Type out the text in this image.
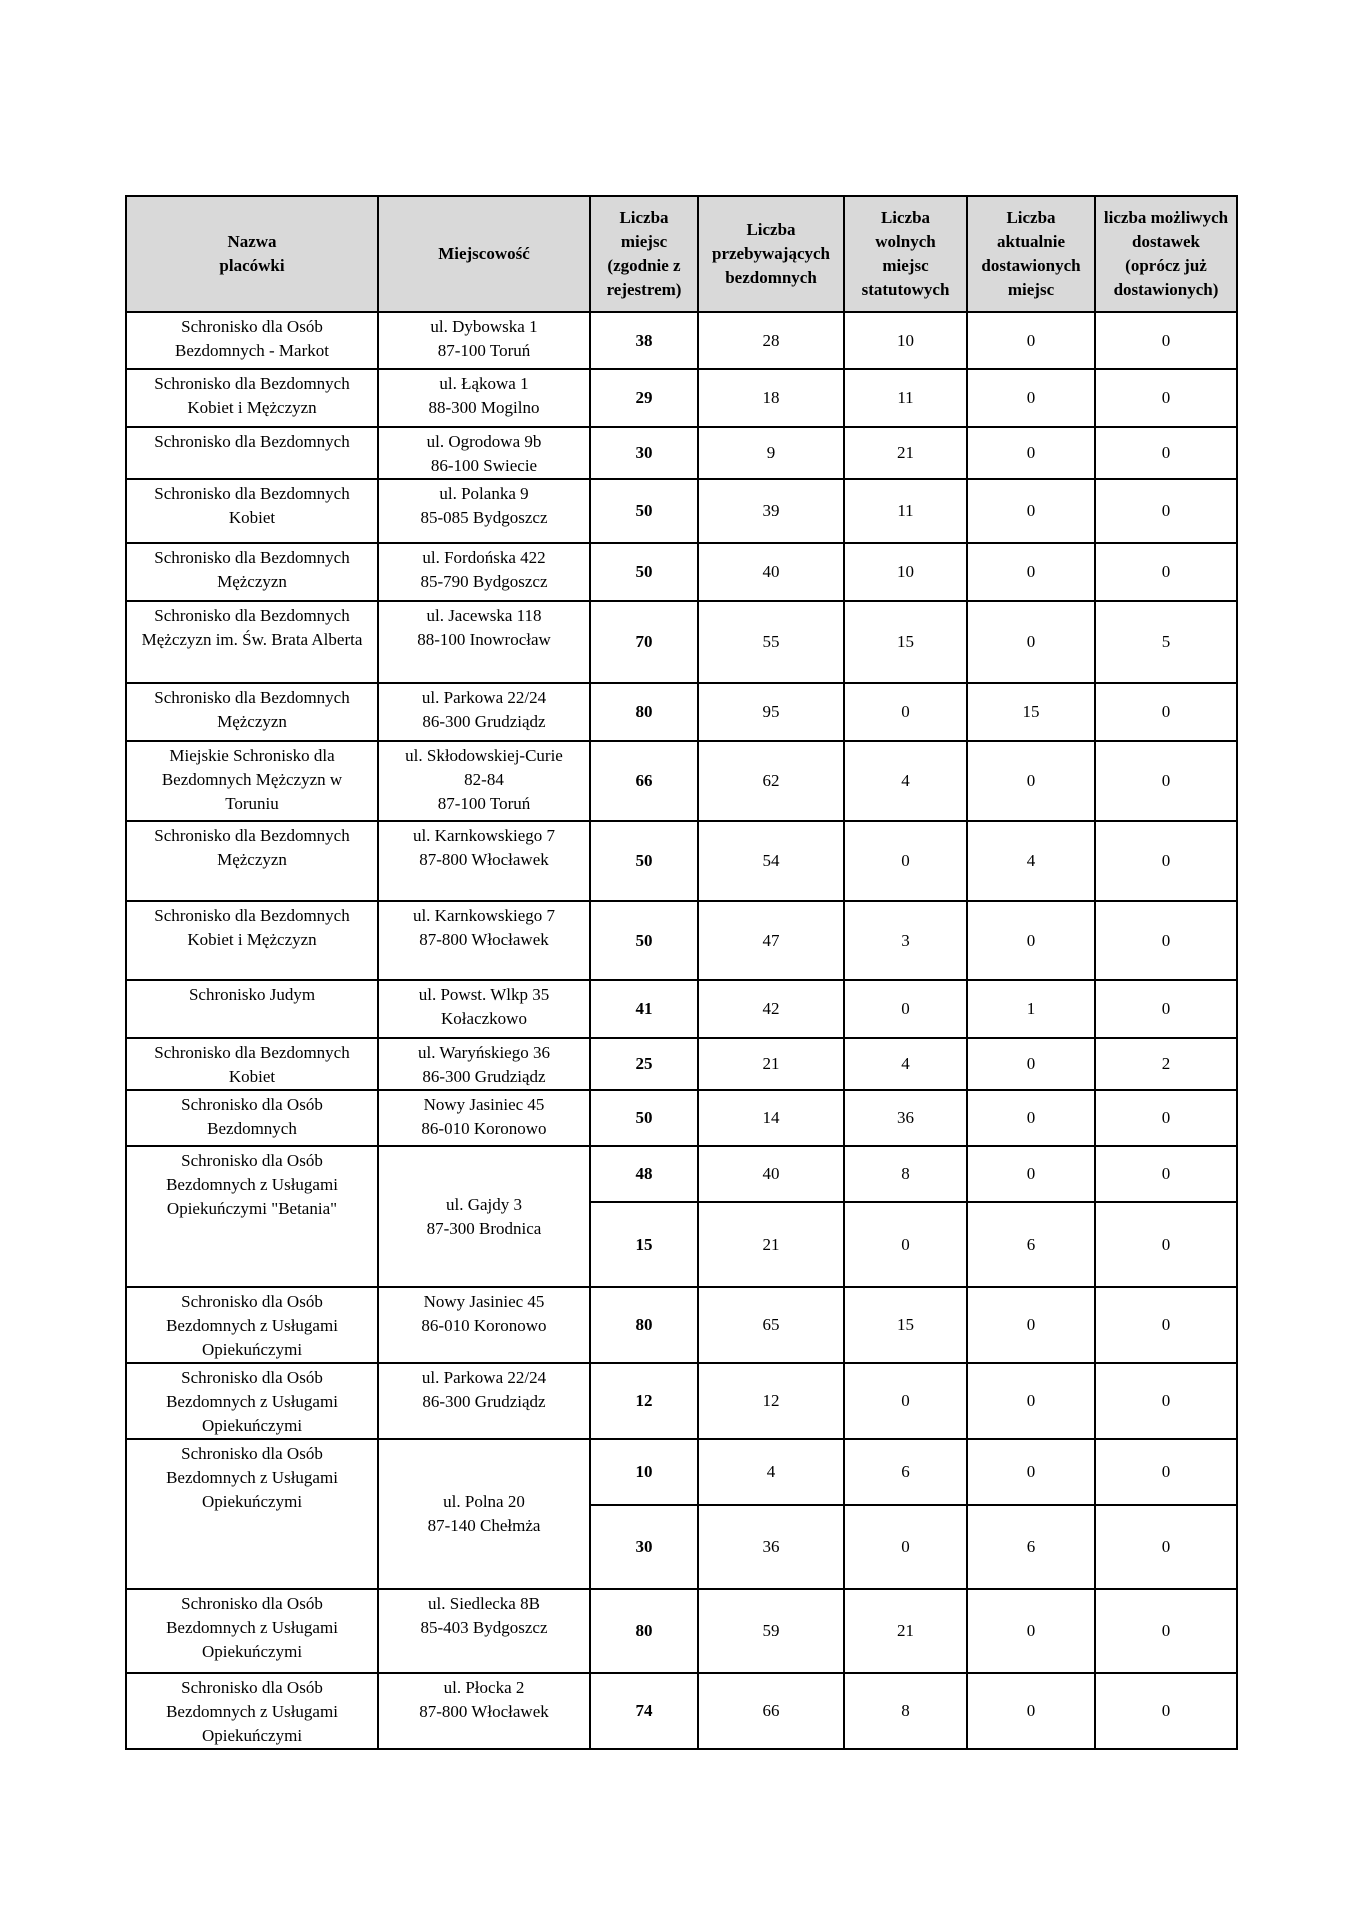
Nazwa
placówki	Miejscowość	Liczba
miejsc
(zgodnie z
rejestrem)	Liczba
przebywających
bezdomnych	Liczba
wolnych
miejsc
statutowych	Liczba
aktualnie
dostawionych
miejsc	liczba możliwych
dostawek
(oprócz już
dostawionych)
Schronisko dla Osób
Bezdomnych - Markot	ul. Dybowska 1
87-100 Toruń	38	28	10	0	0
Schronisko dla Bezdomnych
Kobiet i Mężczyzn	ul. Łąkowa 1
88-300 Mogilno	29	18	11	0	0
Schronisko dla Bezdomnych	ul. Ogrodowa 9b
86-100 Swiecie	30	9	21	0	0
Schronisko dla Bezdomnych
Kobiet	ul. Polanka 9
85-085 Bydgoszcz	50	39	11	0	0
Schronisko dla Bezdomnych
Mężczyzn	ul. Fordońska 422
85-790 Bydgoszcz	50	40	10	0	0
Schronisko dla Bezdomnych
Mężczyzn im. Św. Brata Alberta	ul. Jacewska 118
88-100 Inowrocław	70	55	15	0	5
Schronisko dla Bezdomnych
Mężczyzn	ul. Parkowa 22/24
86-300 Grudziądz	80	95	0	15	0
Miejskie Schronisko dla
Bezdomnych Mężczyzn w
Toruniu	ul. Skłodowskiej-Curie
82-84
87-100 Toruń	66	62	4	0	0
Schronisko dla Bezdomnych
Mężczyzn	ul. Karnkowskiego 7
87-800 Włocławek	50	54	0	4	0
Schronisko dla Bezdomnych
Kobiet i Mężczyzn	ul. Karnkowskiego 7
87-800 Włocławek	50	47	3	0	0
Schronisko Judym	ul. Powst. Wlkp 35
Kołaczkowo	41	42	0	1	0
Schronisko dla Bezdomnych
Kobiet	ul. Waryńskiego 36
86-300 Grudziądz	25	21	4	0	2
Schronisko dla Osób
Bezdomnych	Nowy Jasiniec 45
86-010 Koronowo	50	14	36	0	0
Schronisko dla Osób
Bezdomnych z Usługami
Opiekuńczymi "Betania"	ul. Gajdy 3
87-300 Brodnica	48	40	8	0	0
		15	21	0	6	0
Schronisko dla Osób
Bezdomnych z Usługami
Opiekuńczymi	Nowy Jasiniec 45
86-010 Koronowo	80	65	15	0	0
Schronisko dla Osób
Bezdomnych z Usługami
Opiekuńczymi	ul. Parkowa 22/24
86-300 Grudziądz	12	12	0	0	0
Schronisko dla Osób
Bezdomnych z Usługami
Opiekuńczymi	ul. Polna 20
87-140 Chełmża	10	4	6	0	0
		30	36	0	6	0
Schronisko dla Osób
Bezdomnych z Usługami
Opiekuńczymi	ul. Siedlecka 8B
85-403 Bydgoszcz	80	59	21	0	0
Schronisko dla Osób
Bezdomnych z Usługami
Opiekuńczymi	ul. Płocka 2
87-800 Włocławek	74	66	8	0	0
